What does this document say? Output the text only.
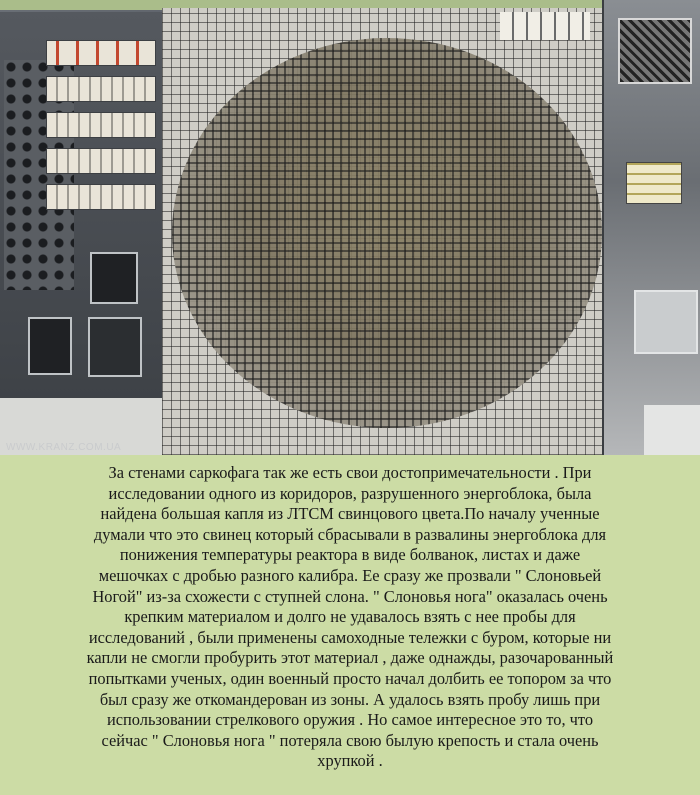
WWW.KRANZ.COM.UA
За стенами саркофага так же есть свои достопримечательности . При
исследовании одного из коридоров, разрушенного энергоблока, была
найдена большая капля из ЛТСМ свинцового цвета.По началу ученные
думали что это свинец который сбрасывали в развалины энергоблока для
понижения температуры реактора в виде болванок, листах и даже
мешочках с дробью разного калибра. Ее сразу же прозвали " Слоновьей
Ногой" из-за схожести с ступней слона. " Слоновья нога" оказалась очень
крепким материалом и долго не удавалось взять с нее пробы для
исследований , были применены самоходные тележки с буром, которые ни
капли не смогли пробурить этот материал , даже однажды, разочарованный
попытками ученых, один военный просто начал долбить ее топором за что
был сразу же откомандерован из зоны. А удалось взять пробу лишь при
использовании стрелкового оружия . Но самое интересное это то, что
сейчас " Слоновья нога " потеряла свою былую крепость и стала очень
хрупкой .
